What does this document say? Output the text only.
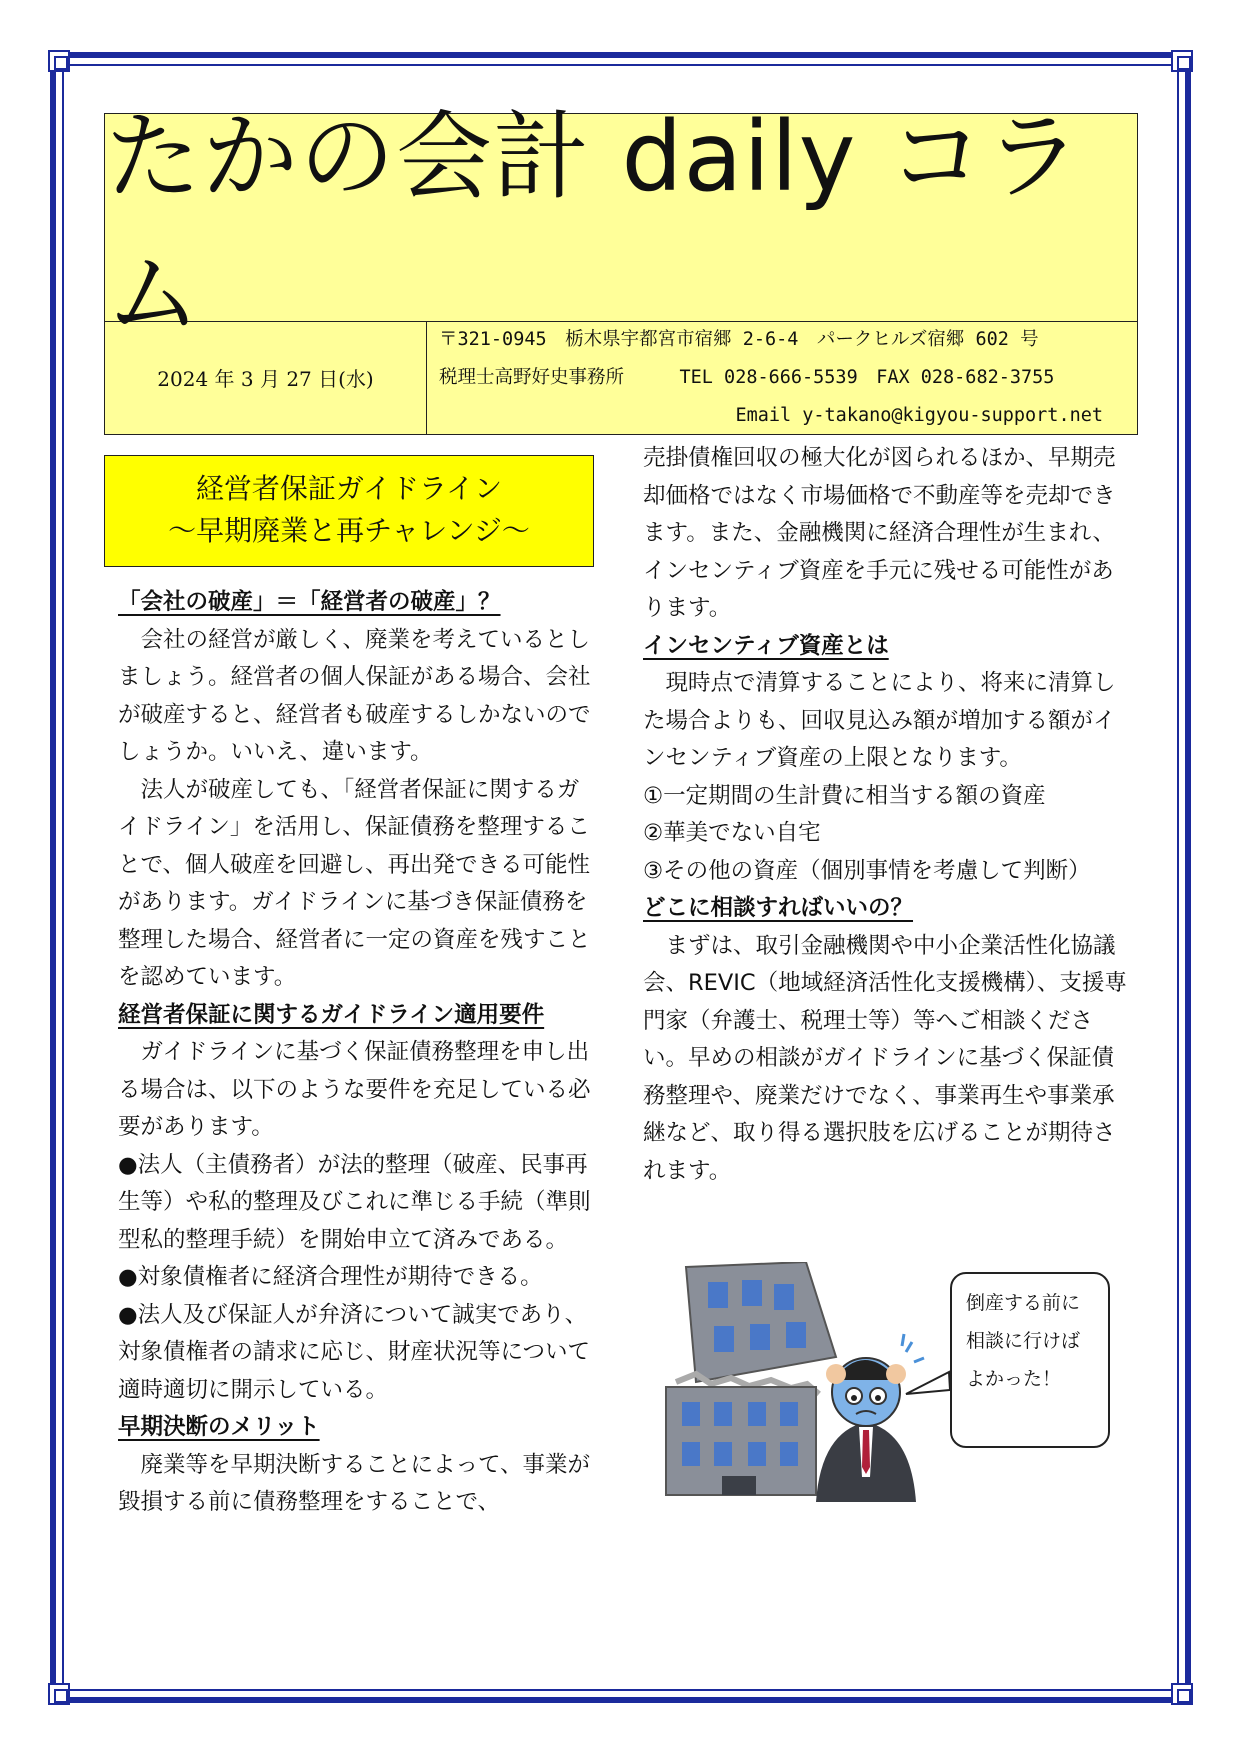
たかの会計 daily コラム
2024 年 3 月 27 日(水)
〒321-0945　栃木県宇都宮市宿郷 2-6-4　パークヒルズ宿郷 602 号
税理士高野好史事務所　　　TEL 028-666-5539　FAX 028-682-3755
Email y-takano@kigyou-support.net
経営者保証ガイドライン
～早期廃業と再チャレンジ～

「会社の破産」＝「経営者の破産」？

会社の経営が厳しく、廃業を考えているとしましょう。経営者の個人保証がある場合、会社が破産すると、経営者も破産するしかないのでしょうか。いいえ、違います。

法人が破産しても、「経営者保証に関するガイドライン」を活用し、保証債務を整理することで、個人破産を回避し、再出発できる可能性があります。ガイドラインに基づき保証債務を整理した場合、経営者に一定の資産を残すことを認めています。

経営者保証に関するガイドライン適用要件

ガイドラインに基づく保証債務整理を申し出る場合は、以下のような要件を充足している必要があります。

●法人（主債務者）が法的整理（破産、民事再生等）や私的整理及びこれに準じる手続（準則型私的整理手続）を開始申立て済みである。

●対象債権者に経済合理性が期待できる。

●法人及び保証人が弁済について誠実であり、対象債権者の請求に応じ、財産状況等について適時適切に開示している。

早期決断のメリット

廃業等を早期決断することによって、事業が毀損する前に債務整理をすることで、

売掛債権回収の極大化が図られるほか、早期売却価格ではなく市場価格で不動産等を売却できます。また、金融機関に経済合理性が生まれ、インセンティブ資産を手元に残せる可能性があります。

インセンティブ資産とは

現時点で清算することにより、将来に清算した場合よりも、回収見込み額が増加する額がインセンティブ資産の上限となります。

①一定期間の生計費に相当する額の資産

②華美でない自宅

③その他の資産（個別事情を考慮して判断）

どこに相談すればいいの？

まずは、取引金融機関や中小企業活性化協議会、REVIC（地域経済活性化支援機構）、支援専門家（弁護士、税理士等）等へご相談ください。早めの相談がガイドラインに基づく保証債務整理や、廃業だけでなく、事業再生や事業承継など、取り得る選択肢を広げることが期待されます。

倒産する前に相談に行けばよかった！
